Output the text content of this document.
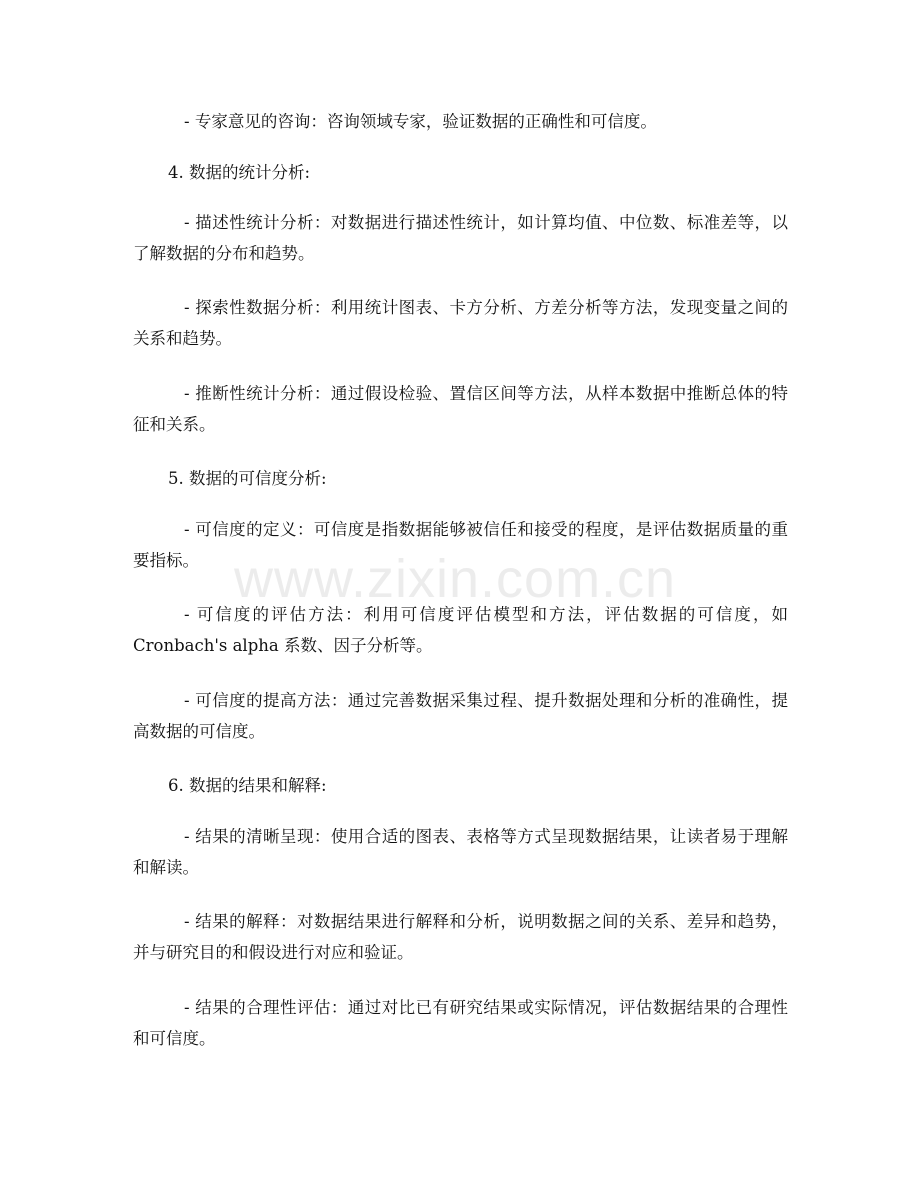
- 专家意见的咨询：咨询领域专家，验证数据的正确性和可信度。

4. 数据的统计分析:

- 描述性统计分析：对数据进行描述性统计，如计算均值、中位数、标准差等，以了解数据的分布和趋势。

- 探索性数据分析：利用统计图表、卡方分析、方差分析等方法，发现变量之间的关系和趋势。

- 推断性统计分析：通过假设检验、置信区间等方法，从样本数据中推断总体的特征和关系。

5. 数据的可信度分析:

- 可信度的定义：可信度是指数据能够被信任和接受的程度，是评估数据质量的重要指标。

- 可信度的评估方法：利用可信度评估模型和方法，评估数据的可信度，如Cronbach's alpha 系数、因子分析等。

- 可信度的提高方法：通过完善数据采集过程、提升数据处理和分析的准确性，提高数据的可信度。

6. 数据的结果和解释:

- 结果的清晰呈现：使用合适的图表、表格等方式呈现数据结果，让读者易于理解和解读。

- 结果的解释：对数据结果进行解释和分析，说明数据之间的关系、差异和趋势，并与研究目的和假设进行对应和验证。

- 结果的合理性评估：通过对比已有研究结果或实际情况，评估数据结果的合理性和可信度。

www.zixin.com.cn
